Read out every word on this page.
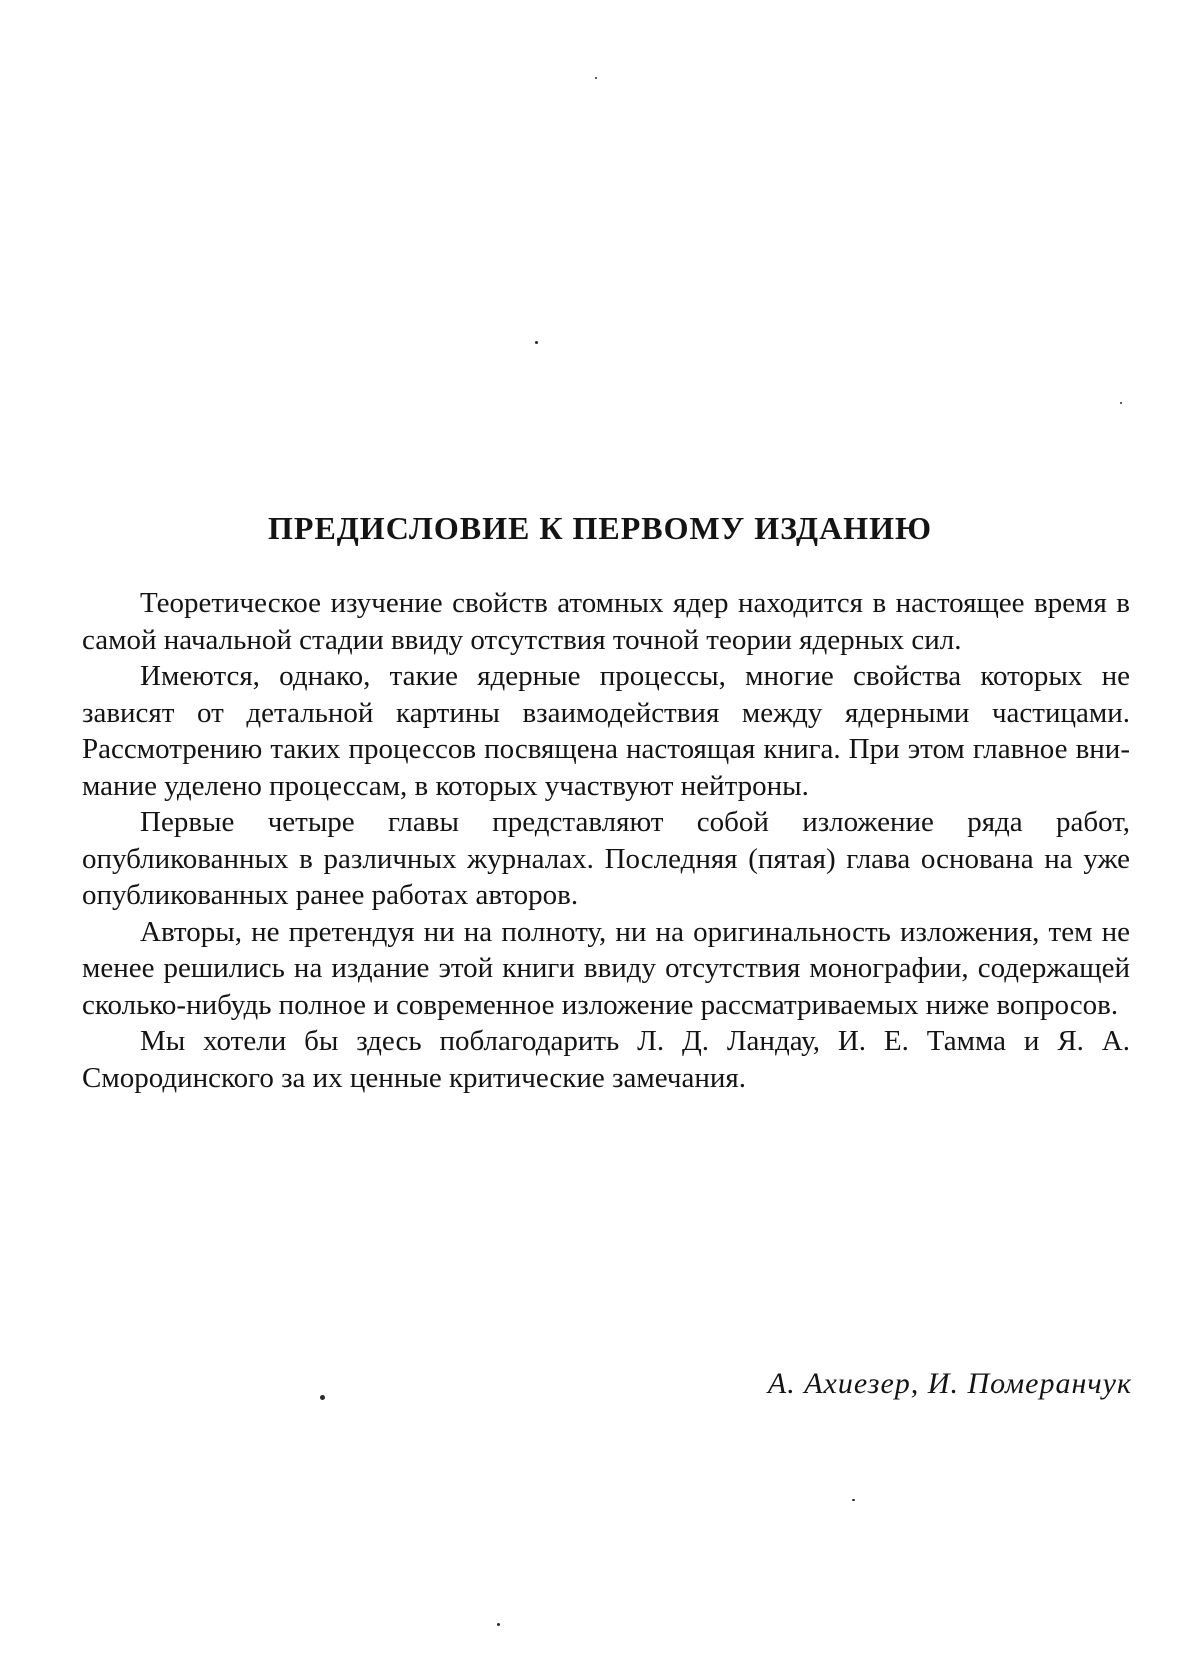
ПРЕДИСЛОВИЕ К ПЕРВОМУ ИЗДАНИЮ

Теоретическое изучение свойств атомных ядер находится в настоящее время в самой начальной стадии ввиду отсутствия точной теории ядерных сил.

Имеются, однако, такие ядерные процессы, многие свойства которых не зависят от детальной картины взаимодействия между ядерными частицами. Рассмотрению таких процессов посвящена настоящая книга. При этом главное внимание уделено процессам, в которых участвуют нейтроны.

Первые четыре главы представляют собой изложение ряда работ, опубликованных в различных журналах. Последняя (пятая) глава основана на уже опубликованных ранее работах авторов.

Авторы, не претендуя ни на полноту, ни на оригинальность изложения, тем не менее решились на издание этой книги ввиду отсутствия монографии, содержащей сколько-нибудь полное и современное изложение рассматриваемых ниже вопросов.

Мы хотели бы здесь поблагодарить Л. Д. Ландау, И. Е. Тамма и Я. А. Смородинского за их ценные критические замечания.

А. Ахиезер, И. Померанчук
